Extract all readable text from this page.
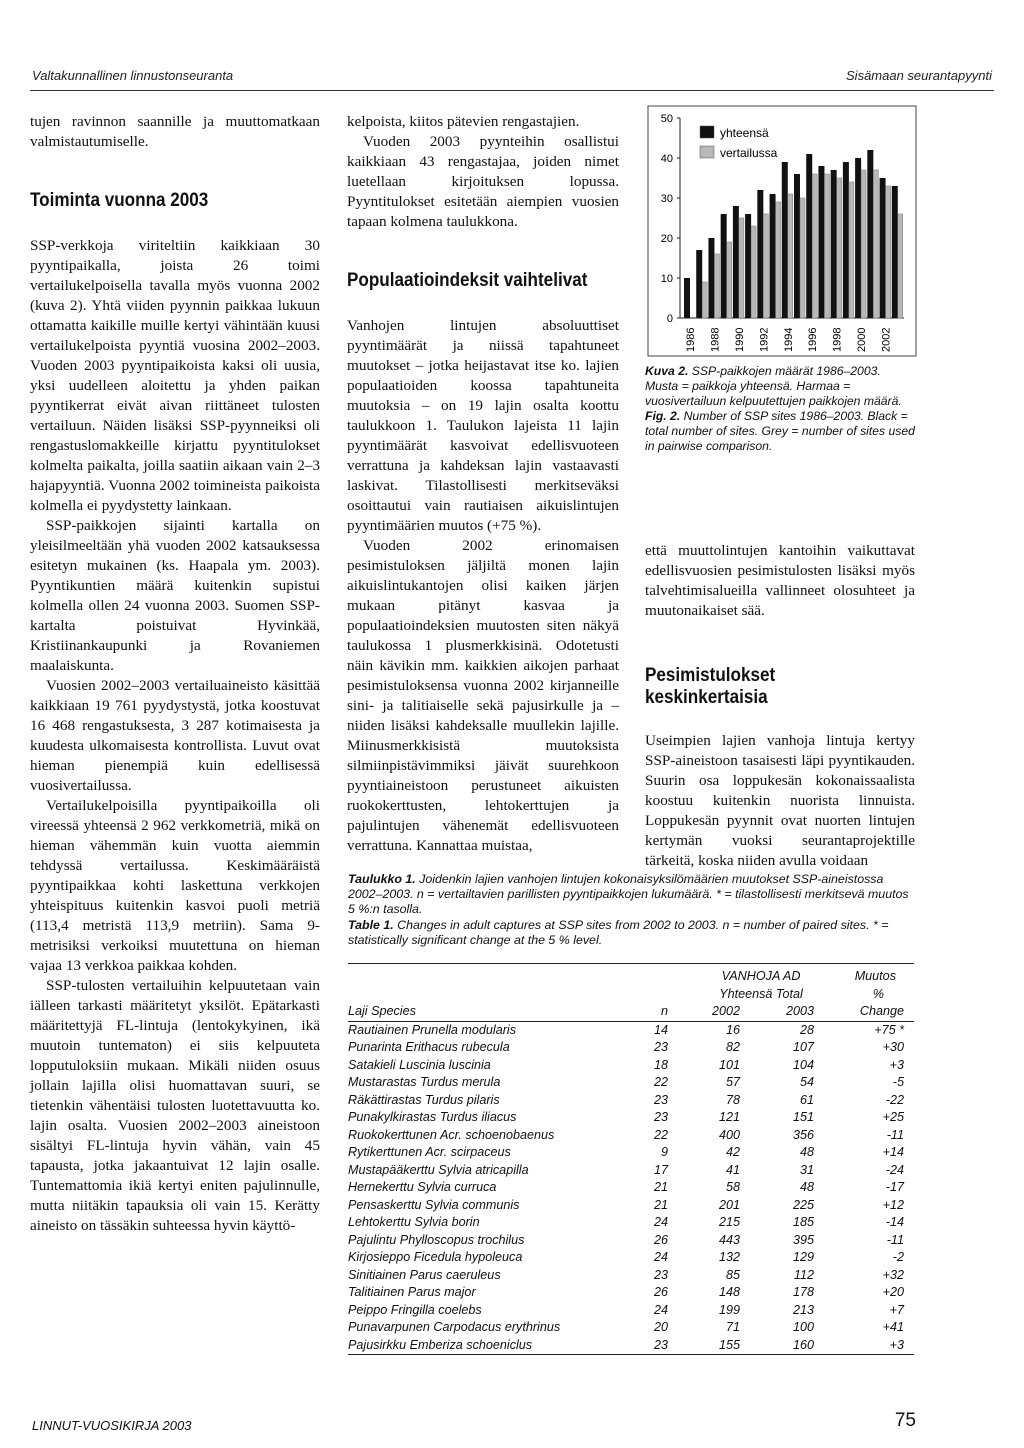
Valtakunnallinen linnustonseuranta	Sisämaan seurantapyynti

tujen ravinnon saannille ja muuttomatkaan valmistautumiselle.

Toiminta vuonna 2003

SSP-verkkoja viriteltiin kaikkiaan 30 pyyntipaikalla, joista 26 toimi vertailukelpoisella tavalla myös vuonna 2002 (kuva 2). Yhtä viiden pyynnin paikkaa lukuun ottamatta kaikille muille kertyi vähintään kuusi vertailukelpoista pyyntiä vuosina 2002–2003. Vuoden 2003 pyyntipaikoista kaksi oli uusia, yksi uudelleen aloitettu ja yhden paikan pyyntikerrat eivät aivan riittäneet tulosten vertailuun. Näiden lisäksi SSP-pyynneiksi oli rengastuslomakkeille kirjattu pyyntitulokset kolmelta paikalta, joilla saatiin aikaan vain 2–3 hajapyyntiä. Vuonna 2002 toimineista paikoista kolmella ei pyydystetty lainkaan.

SSP-paikkojen sijainti kartalla on yleisilmeeltään yhä vuoden 2002 katsauksessa esitetyn mukainen (ks. Haapala ym. 2003). Pyyntikuntien määrä kuitenkin supistui kolmella ollen 24 vuonna 2003. Suomen SSP-kartalta poistuivat Hyvinkää, Kristiinankaupunki ja Rovaniemen maalaiskunta.

Vuosien 2002–2003 vertailuaineisto käsittää kaikkiaan 19 761 pyydystystä, jotka koostuvat 16 468 rengastuksesta, 3 287 kotimaisesta ja kuudesta ulkomaisesta kontrollista. Luvut ovat hieman pienempiä kuin edellisessä vuosivertailussa.

Vertailukelpoisilla pyyntipaikoilla oli vireessä yhteensä 2 962 verkkometriä, mikä on hieman vähemmän kuin vuotta aiemmin tehdyssä vertailussa. Keskimääräistä pyyntipaikkaa kohti laskettuna verkkojen yhteispituus kuitenkin kasvoi puoli metriä (113,4 metristä 113,9 metriin). Sama 9-metrisiksi verkoiksi muutettuna on hieman vajaa 13 verkkoa paikkaa kohden.

SSP-tulosten vertailuihin kelpuutetaan vain iälleen tarkasti määritetyt yksilöt. Epätarkasti määritettyjä FL-lintuja (lentokykyinen, ikä muutoin tuntematon) ei siis kelpuuteta lopputuloksiin mukaan. Mikäli niiden osuus jollain lajilla olisi huomattavan suuri, se tietenkin vähentäisi tulosten luotettavuutta ko. lajin osalta. Vuosien 2002–2003 aineistoon sisältyi FL-lintuja hyvin vähän, vain 45 tapausta, jotka jakaantuivat 12 lajin osalle. Tuntemattomia ikiä kertyi eniten pajulinnulle, mutta niitäkin tapauksia oli vain 15. Kerätty aineisto on tässäkin suhteessa hyvin käyttö-

kelpoista, kiitos pätevien rengastajien.

Vuoden 2003 pyynteihin osallistui kaikkiaan 43 rengastajaa, joiden nimet luetellaan kirjoituksen lopussa. Pyyntitulokset esitetään aiempien vuosien tapaan kolmena taulukkona.

Populaatioindeksit vaihtelivat

Vanhojen lintujen absoluuttiset pyyntimäärät ja niissä tapahtuneet muutokset – jotka heijastavat itse ko. lajien populaatioiden koossa tapahtuneita muutoksia – on 19 lajin osalta koottu taulukkoon 1. Taulukon lajeista 11 lajin pyyntimäärät kasvoivat edellisvuoteen verrattuna ja kahdeksan lajin vastaavasti laskivat. Tilastollisesti merkitseväksi osoittautui vain rautiaisen aikuislintujen pyyntimäärien muutos (+75 %).

Vuoden 2002 erinomaisen pesimistuloksen jäljiltä monen lajin aikuislintukantojen olisi kaiken järjen mukaan pitänyt kasvaa ja populaatioindeksien muutosten siten näkyä taulukossa 1 plusmerkkisinä. Odotetusti näin kävikin mm. kaikkien aikojen parhaat pesimistuloksensa vuonna 2002 kirjanneille sini- ja talitiaiselle sekä pajusirkulle ja – niiden lisäksi kahdeksalle muullekin lajille. Miinusmerkkisistä muutoksista silmiinpistävimmiksi jäivät suurehkoon pyyntiaineistoon perustuneet aikuisten ruokokerttusten, lehtokerttujen ja pajulintujen vähenemät edellisvuoteen verrattuna. Kannattaa muistaa,

0
10
20
30
40
50
1986 1988 1990 1992 1994 1996 1998 2000 2002
yhteensä
vertailussa
Kuva 2. SSP-paikkojen määrät 1986–2003. Musta = paikkoja yhteensä. Harmaa = vuosivertailuun kelpuutettujen paikkojen määrä.
Fig. 2. Number of SSP sites 1986–2003. Black = total number of sites. Grey = number of sites used in pairwise comparison.

että muuttolintujen kantoihin vaikuttavat edellisvuosien pesimistulosten lisäksi myös talvehtimisalueilla vallinneet olosuhteet ja muutonaikaiset sää.

Pesimistulokset
keskinkertaisia

Useimpien lajien vanhoja lintuja kertyy SSP-aineistoon tasaisesti läpi pyyntikauden. Suurin osa loppukesän kokonaissaalista koostuu kuitenkin nuorista linnuista. Loppukesän pyynnit ovat nuorten lintujen kertymän vuoksi seurantaprojektille tärkeitä, koska niiden avulla voidaan

Taulukko 1. Joidenkin lajien vanhojen lintujen kokonaisyksilömäärien muutokset SSP-aineistossa 2002–2003. n = vertailtavien parillisten pyyntipaikkojen lukumäärä. * = tilastollisesti merkitsevä muutos 5 %:n tasolla.
Table 1. Changes in adult captures at SSP sites from 2002 to 2003. n = number of paired sites. * = statistically significant change at the 5 % level.
		VANHOJA AD		Muutos
		Yhteensä Total		%
Laji Species	n	2002	2003	Change
Rautiainen Prunella modularis	14	16	28	+75 *
Punarinta Erithacus rubecula	23	82	107	+30
Satakieli Luscinia luscinia	18	101	104	+3
Mustarastas Turdus merula	22	57	54	-5
Räkättirastas Turdus pilaris	23	78	61	-22
Punakylkirastas Turdus iliacus	23	121	151	+25
Ruokokerttunen Acr. schoenobaenus	22	400	356	-11
Rytikerttunen Acr. scirpaceus	9	42	48	+14
Mustapääkerttu Sylvia atricapilla	17	41	31	-24
Hernekerttu Sylvia curruca	21	58	48	-17
Pensaskerttu Sylvia communis	21	201	225	+12
Lehtokerttu Sylvia borin	24	215	185	-14
Pajulintu Phylloscopus trochilus	26	443	395	-11
Kirjosieppo Ficedula hypoleuca	24	132	129	-2
Sinitiainen Parus caeruleus	23	85	112	+32
Talitiainen Parus major	26	148	178	+20
Peippo Fringilla coelebs	24	199	213	+7
Punavarpunen Carpodacus erythrinus	20	71	100	+41
Pajusirkku Emberiza schoeniclus	23	155	160	+3
LINNUT-VUOSIKIRJA 2003	75
